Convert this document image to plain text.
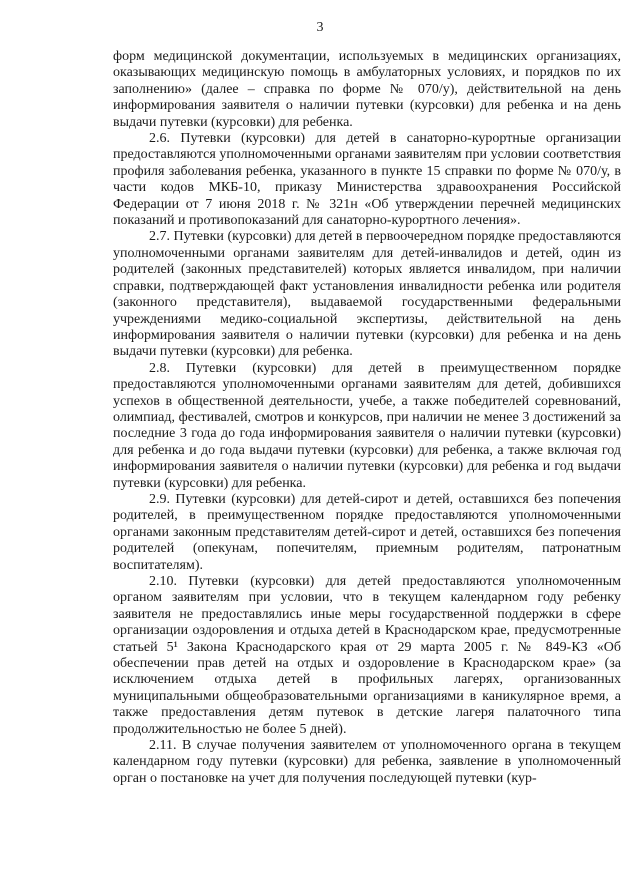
3

форм медицинской документации, используемых в медицинских организациях, оказывающих медицинскую помощь в амбулаторных условиях, и порядков по их заполнению» (далее – справка по форме № 070/у), действительной на день информирования заявителя о наличии путевки (курсовки) для ребенка и на день выдачи путевки (курсовки) для ребенка.

2.6. Путевки (курсовки) для детей в санаторно-курортные организации предоставляются уполномоченными органами заявителям при условии соответствия профиля заболевания ребенка, указанного в пункте 15 справки по форме № 070/у, в части кодов МКБ-10, приказу Министерства здравоохранения Российской Федерации от 7 июня 2018 г. № 321н «Об утверждении перечней медицинских показаний и противопоказаний для санаторно-курортного лечения».

2.7. Путевки (курсовки) для детей в первоочередном порядке предоставляются уполномоченными органами заявителям для детей-инвалидов и детей, один из родителей (законных представителей) которых является инвалидом, при наличии справки, подтверждающей факт установления инвалидности ребенка или родителя (законного представителя), выдаваемой государственными федеральными учреждениями медико-социальной экспертизы, действительной на день информирования заявителя о наличии путевки (курсовки) для ребенка и на день выдачи путевки (курсовки) для ребенка.

2.8. Путевки (курсовки) для детей в преимущественном порядке предоставляются уполномоченными органами заявителям для детей, добившихся успехов в общественной деятельности, учебе, а также победителей соревнований, олимпиад, фестивалей, смотров и конкурсов, при наличии не менее 3 достижений за последние 3 года до года информирования заявителя о наличии путевки (курсовки) для ребенка и до года выдачи путевки (курсовки) для ребенка, а также включая год информирования заявителя о наличии путевки (курсовки) для ребенка и год выдачи путевки (курсовки) для ребенка.

2.9. Путевки (курсовки) для детей-сирот и детей, оставшихся без попечения родителей, в преимущественном порядке предоставляются уполномоченными органами законным представителям детей-сирот и детей, оставшихся без попечения родителей (опекунам, попечителям, приемным родителям, патронатным воспитателям).

2.10. Путевки (курсовки) для детей предоставляются уполномоченным органом заявителям при условии, что в текущем календарном году ребенку заявителя не предоставлялись иные меры государственной поддержки в сфере организации оздоровления и отдыха детей в Краснодарском крае, предусмотренные статьей 5¹ Закона Краснодарского края от 29 марта 2005 г. № 849-КЗ «Об обеспечении прав детей на отдых и оздоровление в Краснодарском крае» (за исключением отдыха детей в профильных лагерях, организованных муниципальными общеобразовательными организациями в каникулярное время, а также предоставления детям путевок в детские лагеря палаточного типа продолжительностью не более 5 дней).

2.11. В случае получения заявителем от уполномоченного органа в текущем календарном году путевки (курсовки) для ребенка, заявление в уполномоченный орган о постановке на учет для получения последующей путевки (кур-
